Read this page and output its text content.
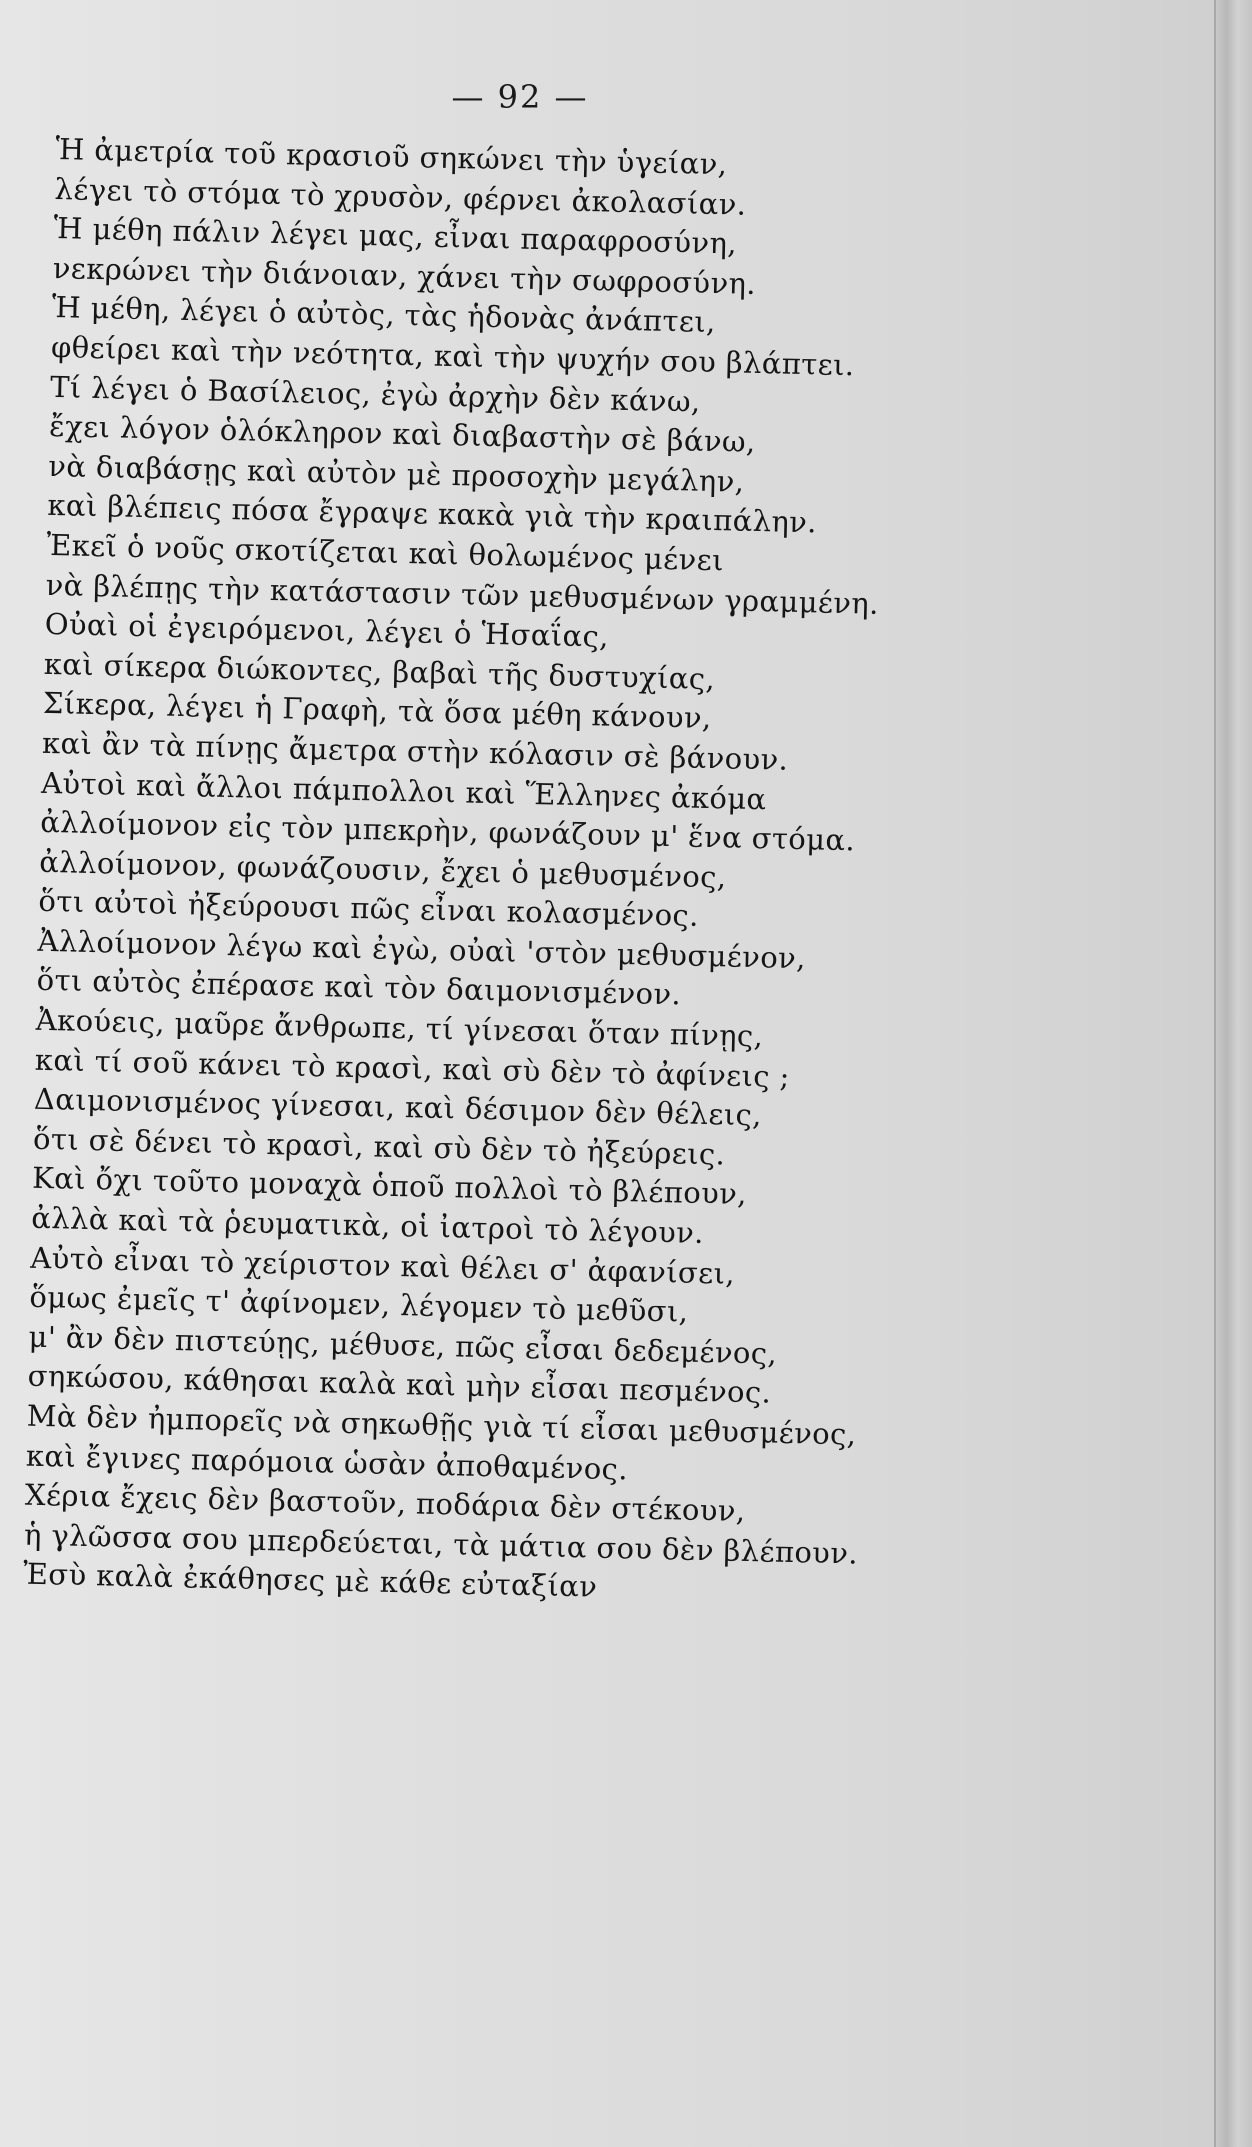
— 92 —
Ἡ ἀμετρία τοῦ κρασιοῦ σηκώνει τὴν ὑγείαν,
λέγει τὸ στόμα τὸ χρυσὸν, φέρνει ἀκολασίαν.
Ἡ μέθη πάλιν λέγει μας, εἶναι παραφροσύνη,
νεκρώνει τὴν διάνοιαν, χάνει τὴν σωφροσύνη.
Ἡ μέθη, λέγει ὁ αὐτὸς, τὰς ἡδονὰς ἀνάπτει,
φθείρει καὶ τὴν νεότητα, καὶ τὴν ψυχήν σου βλάπτει.
Τί λέγει ὁ Βασίλειος, ἐγὼ ἀρχὴν δὲν κάνω,
ἔχει λόγον ὁλόκληρον καὶ διαβαστὴν σὲ βάνω,
νὰ διαβάσῃς καὶ αὐτὸν μὲ προσοχὴν μεγάλην,
καὶ βλέπεις πόσα ἔγραψε κακὰ γιὰ τὴν κραιπάλην.
Ἐκεῖ ὁ νοῦς σκοτίζεται καὶ θολωμένος μένει
νὰ βλέπῃς τὴν κατάστασιν τῶν μεθυσμένων γραμμένη.
Οὐαὶ οἱ ἐγειρόμενοι, λέγει ὁ Ἡσαΐας,
καὶ σίκερα διώκοντες, βαβαὶ τῆς δυστυχίας,
Σίκερα, λέγει ἡ Γραφὴ, τὰ ὅσα μέθη κάνουν,
καὶ ἂν τὰ πίνῃς ἄμετρα στὴν κόλασιν σὲ βάνουν.
Αὐτοὶ καὶ ἄλλοι πάμπολλοι καὶ Ἕλληνες ἀκόμα
ἀλλοίμονον εἰς τὸν μπεκρὴν, φωνάζουν μ' ἕνα στόμα.
ἀλλοίμονον, φωνάζουσιν, ἔχει ὁ μεθυσμένος,
ὅτι αὐτοὶ ἠξεύρουσι πῶς εἶναι κολασμένος.
Ἀλλοίμονον λέγω καὶ ἐγὼ, οὐαὶ 'στὸν μεθυσμένον,
ὅτι αὐτὸς ἐπέρασε καὶ τὸν δαιμονισμένον.
Ἀκούεις, μαῦρε ἄνθρωπε, τί γίνεσαι ὅταν πίνῃς,
καὶ τί σοῦ κάνει τὸ κρασὶ, καὶ σὺ δὲν τὸ ἀφίνεις ;
Δαιμονισμένος γίνεσαι, καὶ δέσιμον δὲν θέλεις,
ὅτι σὲ δένει τὸ κρασὶ, καὶ σὺ δὲν τὸ ἠξεύρεις.
Καὶ ὄχι τοῦτο μοναχὰ ὁποῦ πολλοὶ τὸ βλέπουν,
ἀλλὰ καὶ τὰ ῥευματικὰ, οἱ ἰατροὶ τὸ λέγουν.
Αὐτὸ εἶναι τὸ χείριστον καὶ θέλει σ' ἀφανίσει,
ὅμως ἐμεῖς τ' ἀφίνομεν, λέγομεν τὸ μεθῦσι,
μ' ἂν δὲν πιστεύῃς, μέθυσε, πῶς εἶσαι δεδεμένος,
σηκώσου, κάθησαι καλὰ καὶ μὴν εἶσαι πεσμένος.
Μὰ δὲν ἠμπορεῖς νὰ σηκωθῇς γιὰ τί εἶσαι μεθυσμένος,
καὶ ἔγινες παρόμοια ὡσὰν ἀποθαμένος.
Χέρια ἔχεις δὲν βαστοῦν, ποδάρια δὲν στέκουν,
ἡ γλῶσσα σου μπερδεύεται, τὰ μάτια σου δὲν βλέπουν.
Ἐσὺ καλὰ ἐκάθησες μὲ κάθε εὐταξίαν
